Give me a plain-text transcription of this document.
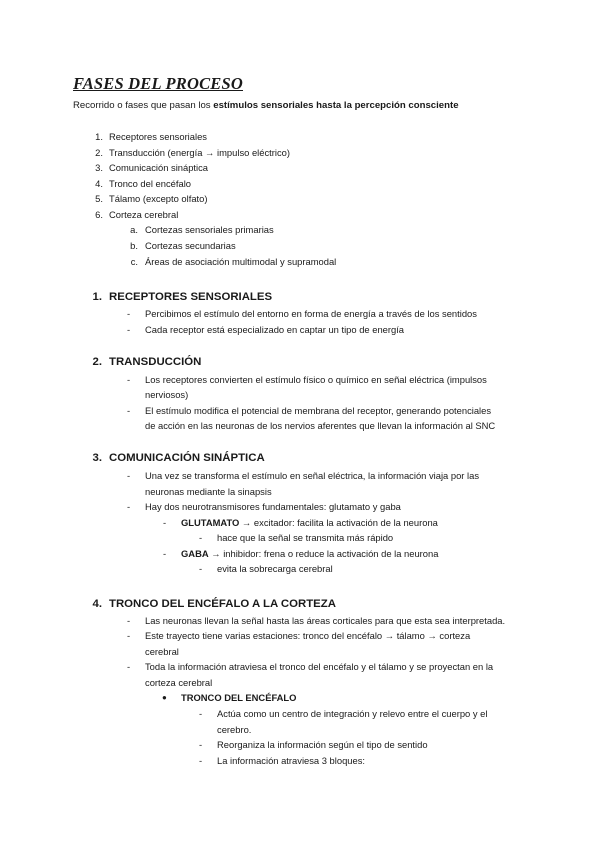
FASES DEL PROCESO
Recorrido o fases que pasan los estímulos sensoriales hasta la percepción consciente
1. Receptores sensoriales
2. Transducción (energía → impulso eléctrico)
3. Comunicación sináptica
4. Tronco del encéfalo
5. Tálamo (excepto olfato)
6. Corteza cerebral
a. Cortezas sensoriales primarias
b. Cortezas secundarias
c. Áreas de asociación multimodal y supramodal
1. RECEPTORES SENSORIALES
- Percibimos el estímulo del entorno en forma de energía a través de los sentidos
- Cada receptor está especializado en captar un tipo de energía
2. TRANSDUCCIÓN
- Los receptores convierten el estímulo físico o químico en señal eléctrica (impulsos
nerviosos)
- El estímulo modifica el potencial de membrana del receptor, generando potenciales
de acción en las neuronas de los nervios aferentes que llevan la información al SNC
3. COMUNICACIÓN SINÁPTICA
- Una vez se transforma el estímulo en señal eléctrica, la información viaja por las
neuronas mediante la sinapsis
- Hay dos neurotransmisores fundamentales: glutamato y gaba
- GLUTAMATO → excitador: facilita la activación de la neurona
- hace que la señal se transmita más rápido
- GABA → inhibidor: frena o reduce la activación de la neurona
- evita la sobrecarga cerebral
4. TRONCO DEL ENCÉFALO A LA CORTEZA
- Las neuronas llevan la señal hasta las áreas corticales para que esta sea interpretada.
- Este trayecto tiene varias estaciones: tronco del encéfalo → tálamo → corteza
cerebral
- Toda la información atraviesa el tronco del encéfalo y el tálamo y se proyectan en la
corteza cerebral
● TRONCO DEL ENCÉFALO
- Actúa como un centro de integración y relevo entre el cuerpo y el
cerebro.
- Reorganiza la información según el tipo de sentido
- La información atraviesa 3 bloques:
